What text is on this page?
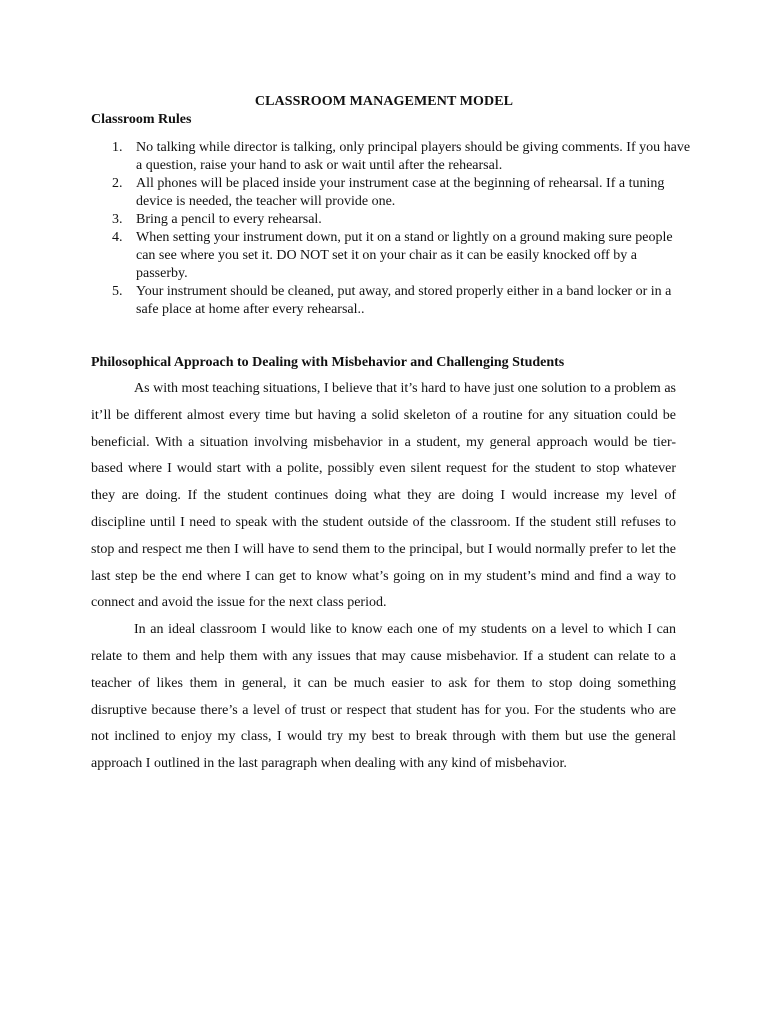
CLASSROOM MANAGEMENT MODEL
Classroom Rules
1. No talking while director is talking, only principal players should be giving comments. If you have a question, raise your hand to ask or wait until after the rehearsal.
2. All phones will be placed inside your instrument case at the beginning of rehearsal. If a tuning device is needed, the teacher will provide one.
3. Bring a pencil to every rehearsal.
4. When setting your instrument down, put it on a stand or lightly on a ground making sure people can see where you set it. DO NOT set it on your chair as it can be easily knocked off by a passerby.
5. Your instrument should be cleaned, put away, and stored properly either in a band locker or in a safe place at home after every rehearsal..
Philosophical Approach to Dealing with Misbehavior and Challenging Students

As with most teaching situations, I believe that it’s hard to have just one solution to a problem as it’ll be different almost every time but having a solid skeleton of a routine for any situation could be beneficial. With a situation involving misbehavior in a student, my general approach would be tier-based where I would start with a polite, possibly even silent request for the student to stop whatever they are doing. If the student continues doing what they are doing I would increase my level of discipline until I need to speak with the student outside of the classroom. If the student still refuses to stop and respect me then I will have to send them to the principal, but I would normally prefer to let the last step be the end where I can get to know what’s going on in my student’s mind and find a way to connect and avoid the issue for the next class period.

In an ideal classroom I would like to know each one of my students on a level to which I can relate to them and help them with any issues that may cause misbehavior. If a student can relate to a teacher of likes them in general, it can be much easier to ask for them to stop doing something disruptive because there’s a level of trust or respect that student has for you. For the students who are not inclined to enjoy my class, I would try my best to break through with them but use the general approach I outlined in the last paragraph when dealing with any kind of misbehavior.
